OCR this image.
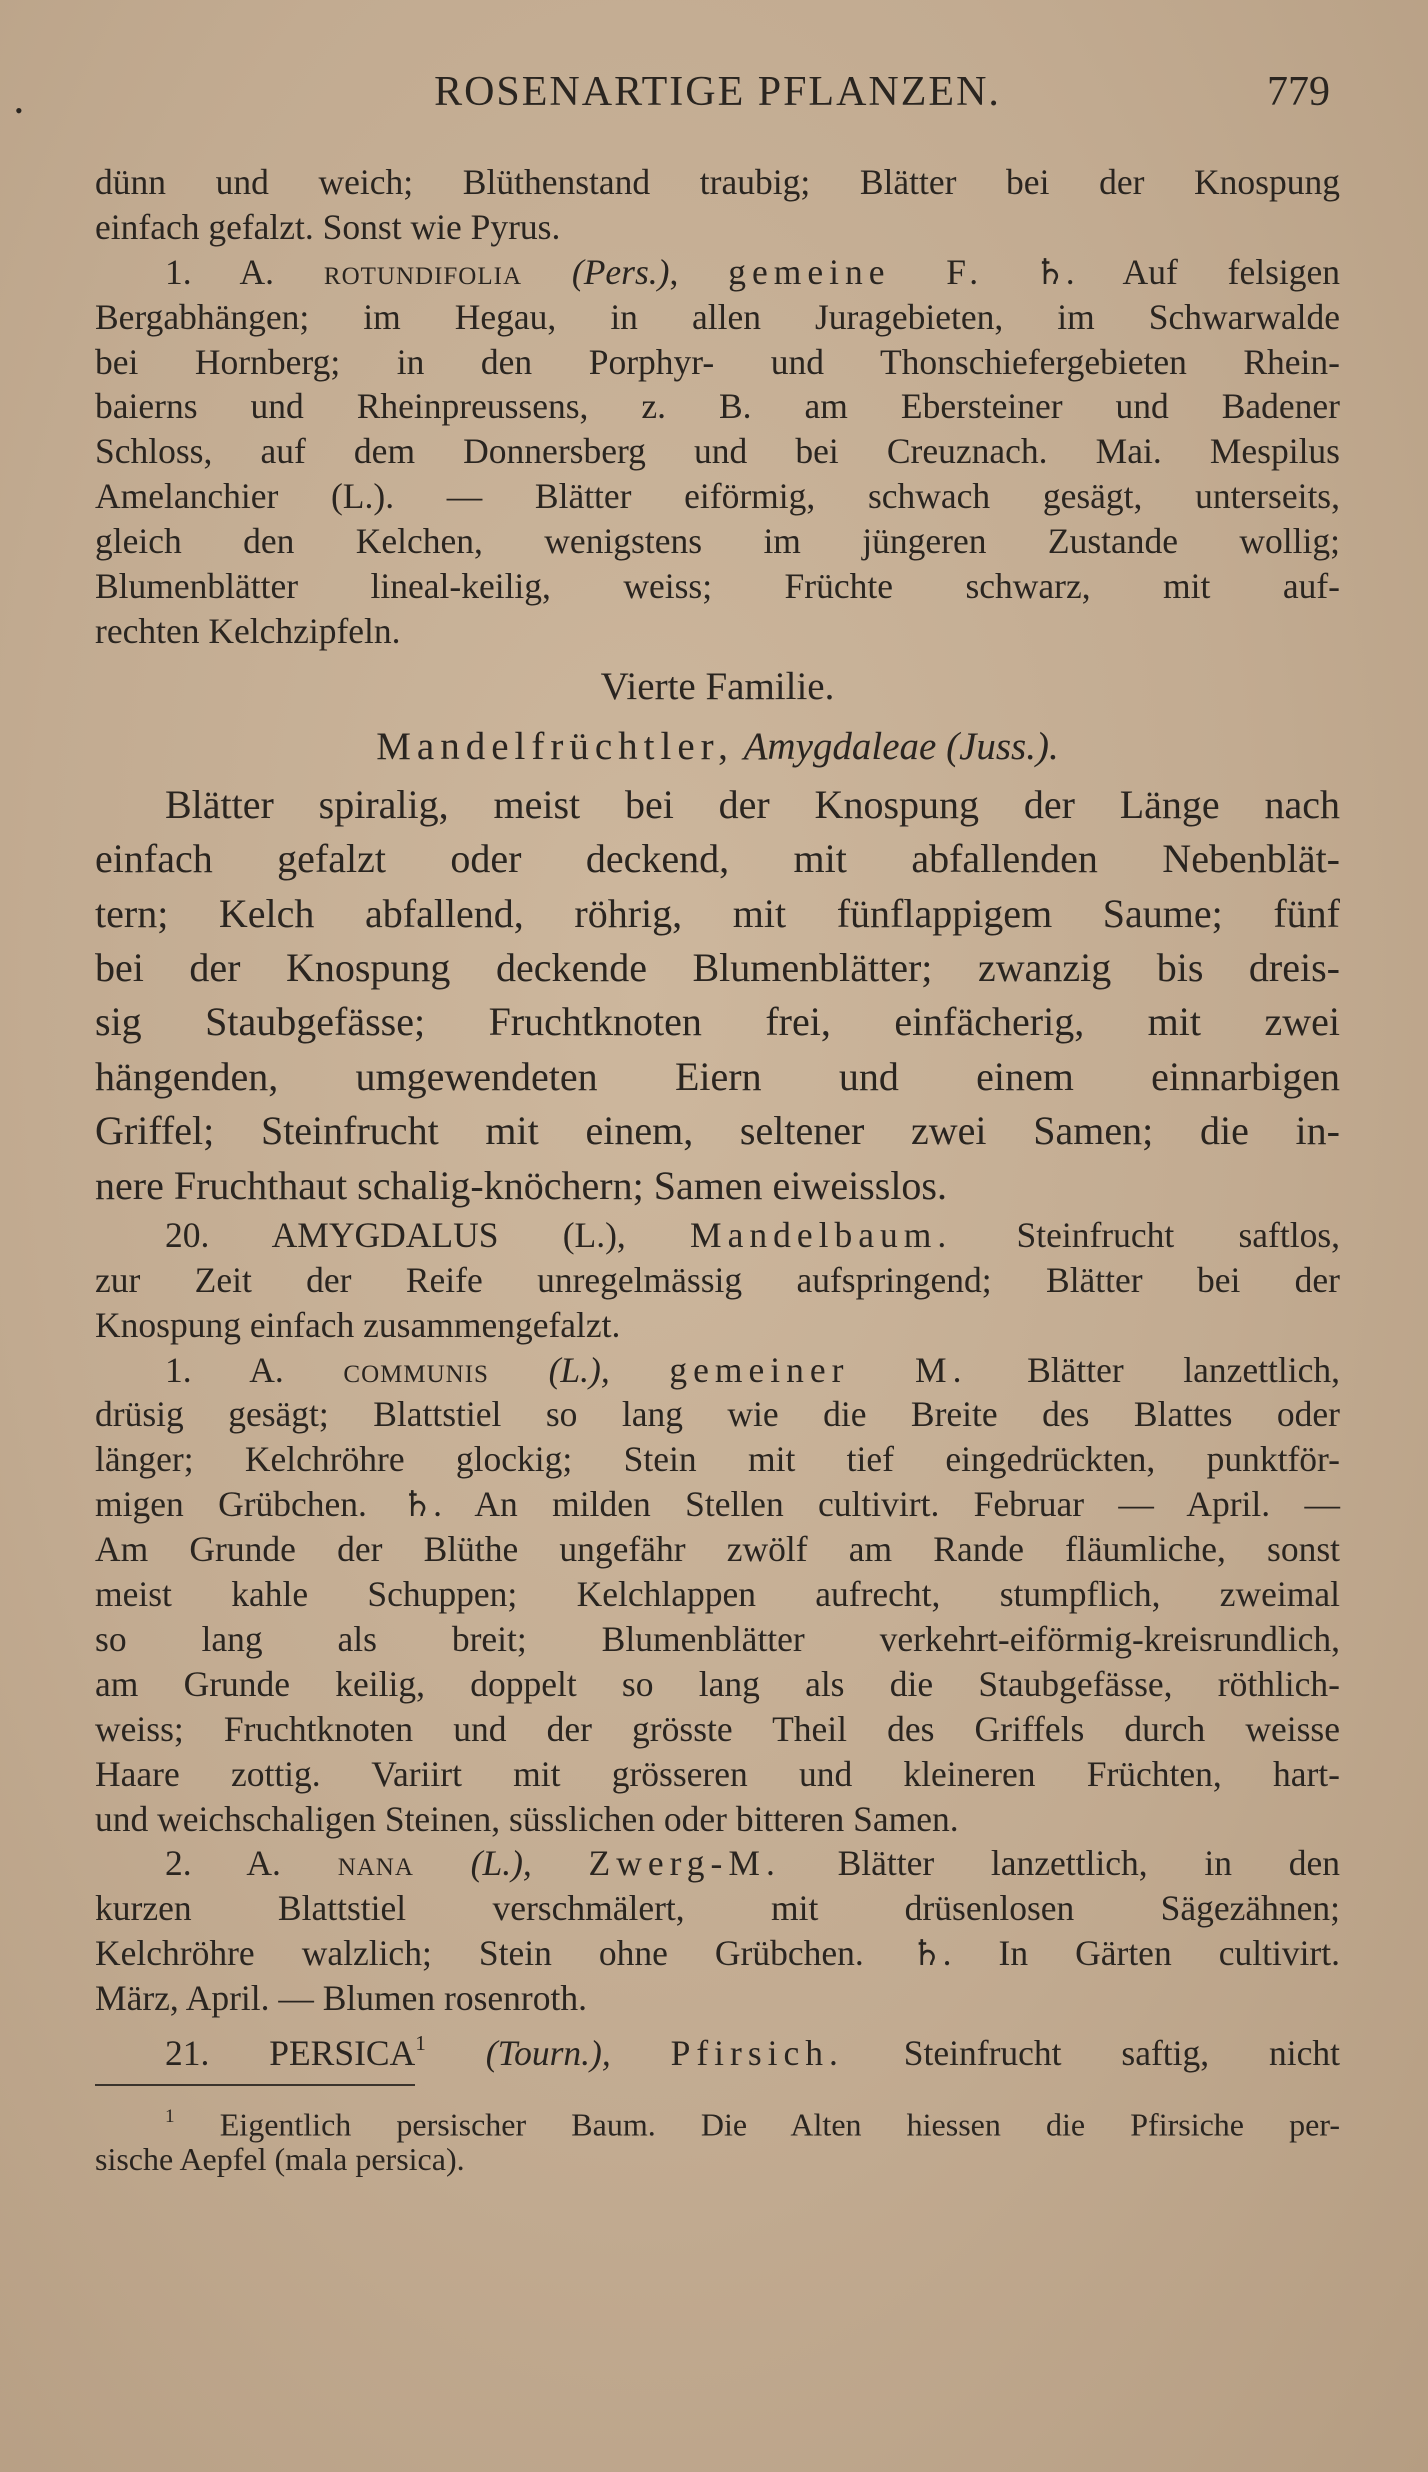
•	ROSENARTIGE PFLANZEN.	779
dünn und weich; Blüthenstand traubig; Blätter bei der Knospung
einfach gefalzt. Sonst wie Pyrus.
1. A. rotundifolia (Pers.), gemeine F. ♄. Auf felsigen
Bergabhängen; im Hegau, in allen Juragebieten, im Schwarwalde
bei Hornberg; in den Porphyr- und Thonschiefergebieten Rhein-
baierns und Rheinpreussens, z. B. am Ebersteiner und Badener
Schloss, auf dem Donnersberg und bei Creuznach. Mai. Mespilus
Amelanchier (L.). — Blätter eiförmig, schwach gesägt, unterseits,
gleich den Kelchen, wenigstens im jüngeren Zustande wollig;
Blumenblätter lineal-keilig, weiss; Früchte schwarz, mit auf-
rechten Kelchzipfeln.
Vierte Familie.
Mandelfrüchtler, Amygdaleae (Juss.).
Blätter spiralig, meist bei der Knospung der Länge nach
einfach gefalzt oder deckend, mit abfallenden Nebenblät-
tern; Kelch abfallend, röhrig, mit fünflappigem Saume; fünf
bei der Knospung deckende Blumenblätter; zwanzig bis dreis-
sig Staubgefässe; Fruchtknoten frei, einfächerig, mit zwei
hängenden, umgewendeten Eiern und einem einnarbigen
Griffel; Steinfrucht mit einem, seltener zwei Samen; die in-
nere Fruchthaut schalig-knöchern; Samen eiweisslos.
20. AMYGDALUS (L.), Mandelbaum. Steinfrucht saftlos,
zur Zeit der Reife unregelmässig aufspringend; Blätter bei der
Knospung einfach zusammengefalzt.
1. A. communis (L.), gemeiner M. Blätter lanzettlich,
drüsig gesägt; Blattstiel so lang wie die Breite des Blattes oder
länger; Kelchröhre glockig; Stein mit tief eingedrückten, punktför-
migen Grübchen. ♄. An milden Stellen cultivirt. Februar — April. —
Am Grunde der Blüthe ungefähr zwölf am Rande fläumliche, sonst
meist kahle Schuppen; Kelchlappen aufrecht, stumpflich, zweimal
so lang als breit; Blumenblätter verkehrt-eiförmig-kreisrundlich,
am Grunde keilig, doppelt so lang als die Staubgefässe, röthlich-
weiss; Fruchtknoten und der grösste Theil des Griffels durch weisse
Haare zottig. Variirt mit grösseren und kleineren Früchten, hart-
und weichschaligen Steinen, süsslichen oder bitteren Samen.
2. A. nana (L.), Zwerg-M. Blätter lanzettlich, in den
kurzen Blattstiel verschmälert, mit drüsenlosen Sägezähnen;
Kelchröhre walzlich; Stein ohne Grübchen. ♄. In Gärten cultivirt.
März, April. — Blumen rosenroth.
21. PERSICA$^1$ (Tourn.), Pfirsich. Steinfrucht saftig, nicht
$^1$ Eigentlich persischer Baum. Die Alten hiessen die Pfirsiche per-
sische Aepfel (mala persica).
